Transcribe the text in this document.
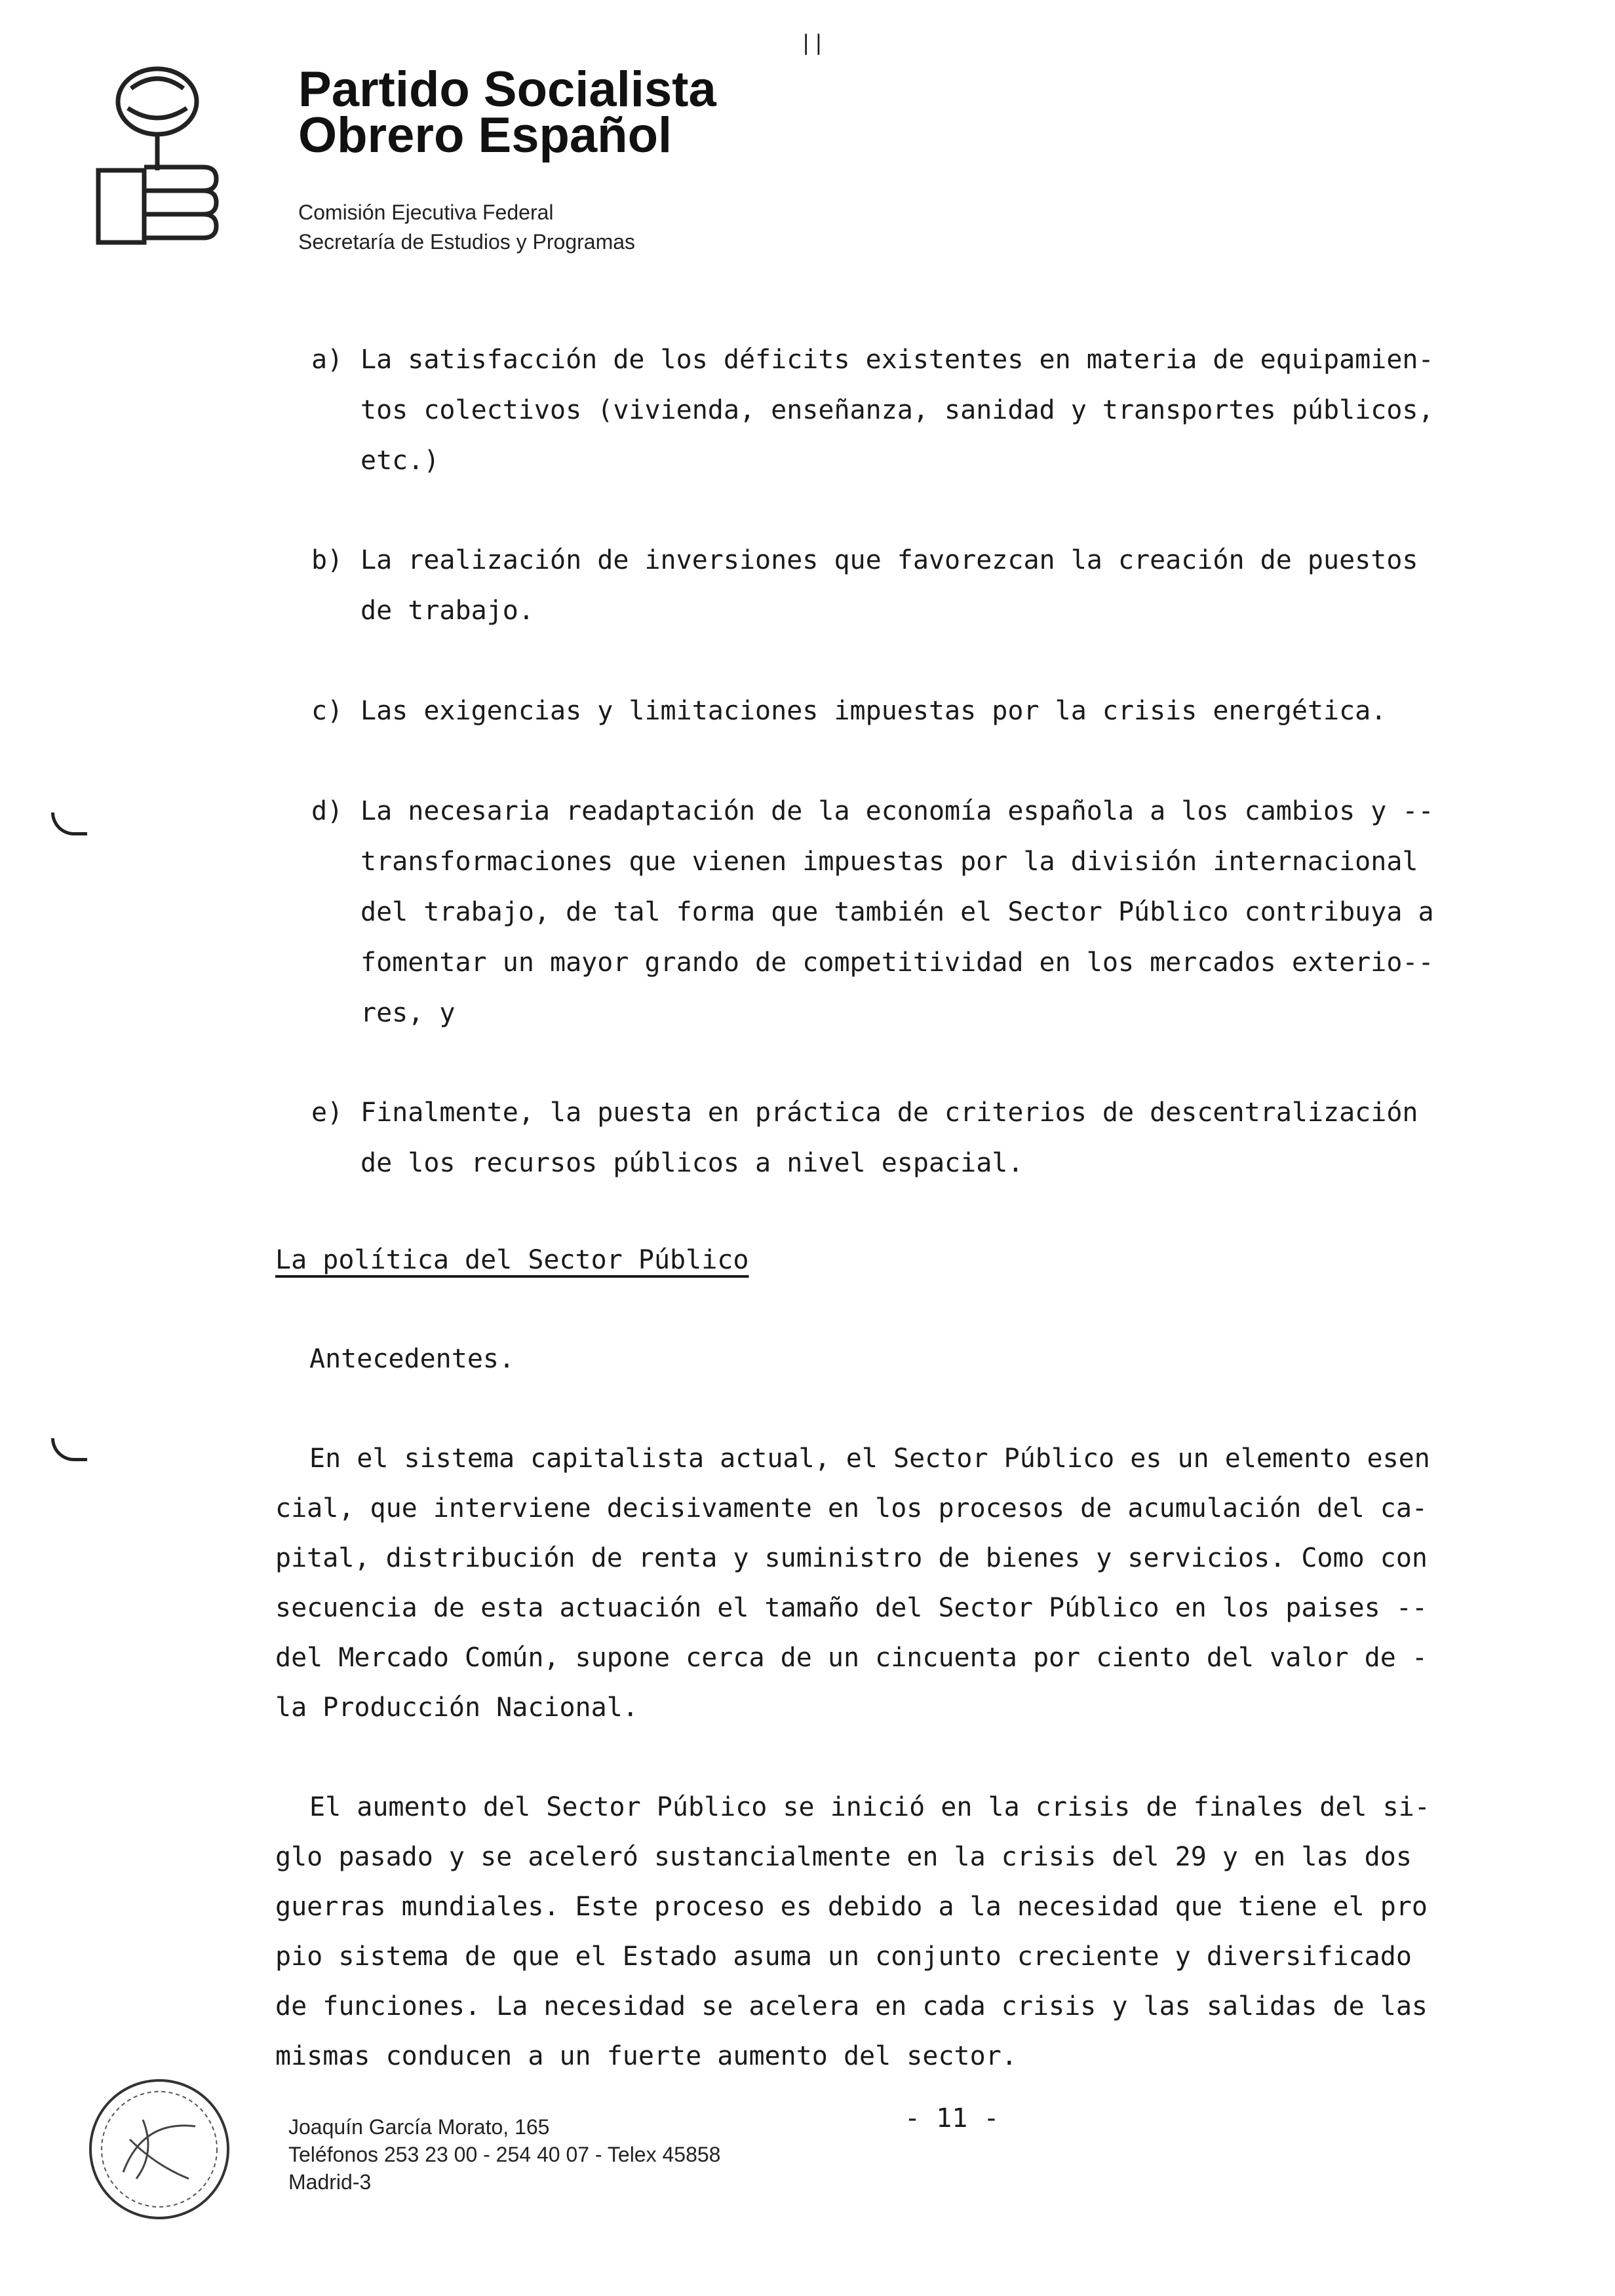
||
Partido Socialista
Obrero Español
Comisión Ejecutiva Federal
Secretaría de Estudios y Programas
a) La satisfacción de los déficits existentes en materia de equipamien-
tos colectivos (vivienda, enseñanza, sanidad y transportes públicos,
etc.)
b) La realización de inversiones que favorezcan la creación de puestos
de trabajo.
c) Las exigencias y limitaciones impuestas por la crisis energética.
d) La necesaria readaptación de la economía española a los cambios y --
transformaciones que vienen impuestas por la división internacional
del trabajo, de tal forma que también el Sector Público contribuya a
fomentar un mayor grando de competitividad en los mercados exterio--
res, y
e) Finalmente, la puesta en práctica de criterios de descentralización
de los recursos públicos a nivel espacial.
La política del Sector Público
Antecedentes.
En el sistema capitalista actual, el Sector Público es un elemento esen
cial, que interviene decisivamente en los procesos de acumulación del ca-
pital, distribución de renta y suministro de bienes y servicios. Como con
secuencia de esta actuación el tamaño del Sector Público en los paises --
del Mercado Común, supone cerca de un cincuenta por ciento del valor de -
la Producción Nacional.
El aumento del Sector Público se inició en la crisis de finales del si-
glo pasado y se aceleró sustancialmente en la crisis del 29 y en las dos
guerras mundiales. Este proceso es debido a la necesidad que tiene el pro
pio sistema de que el Estado asuma un conjunto creciente y diversificado
de funciones. La necesidad se acelera en cada crisis y las salidas de las
mismas conducen a un fuerte aumento del sector.
- 11 -
Joaquín García Morato, 165
Teléfonos 253 23 00 - 254 40 07 - Telex 45858
Madrid-3
